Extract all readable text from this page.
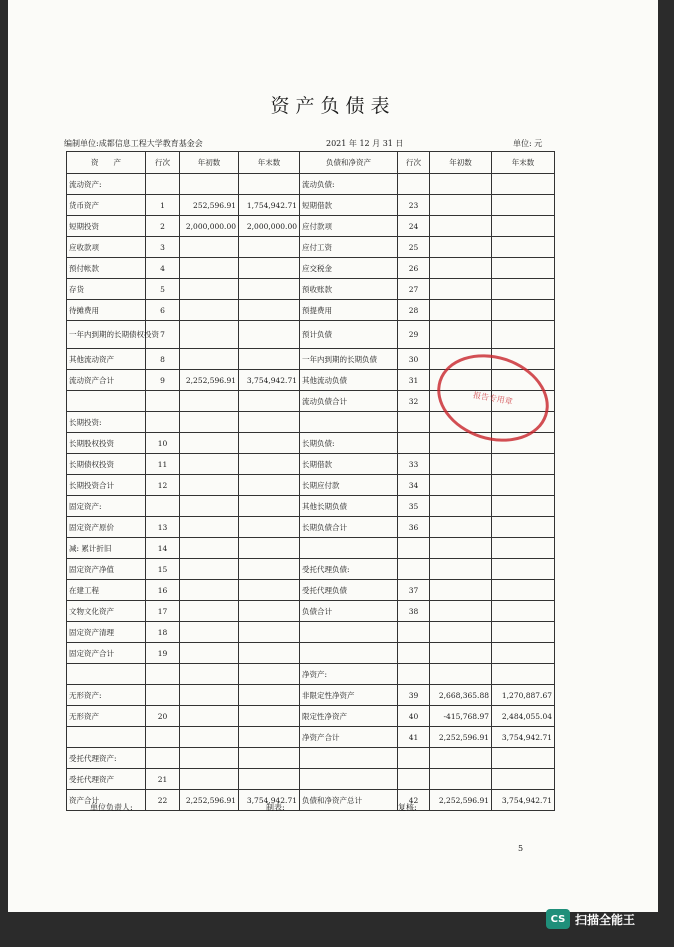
资产负债表
编制单位:成都信息工程大学教育基金会	2021 年 12 月 31 日	单位: 元
资　　产	行次	年初数	年末数	负债和净资产	行次	年初数	年末数
流动资产:				流动负债:			
货币资产	1	252,596.91	1,754,942.71	短期借款	23		
短期投资	2	2,000,000.00	2,000,000.00	应付款项	24		
应收款项	3			应付工资	25		
预付帐款	4			应交税金	26		
存货	5			预收账款	27		
待摊费用	6			预提费用	28		
一年内到期的长期债权投资	7			预计负债	29		
其他流动资产	8			一年内到期的长期负债	30		
流动资产合计	9	2,252,596.91	3,754,942.71	其他流动负债	31		
				流动负债合计	32		
长期投资:							
长期股权投资	10			长期负债:			
长期债权投资	11			长期借款	33		
长期投资合计	12			长期应付款	34		
固定资产:				其他长期负债	35		
固定资产原价	13			长期负债合计	36		
减: 累计折旧	14						
固定资产净值	15			受托代理负债:			
在建工程	16			受托代理负债	37		
文物文化资产	17			负债合计	38		
固定资产清理	18						
固定资产合计	19						
				净资产:			
无形资产:				非限定性净资产	39	2,668,365.88	1,270,887.67
无形资产	20			限定性净资产	40	-415,768.97	2,484,055.04
				净资产合计	41	2,252,596.91	3,754,942.71
受托代理资产:							
受托代理资产	21						
资产合计	22	2,252,596.91	3,754,942.71	负债和净资产总计	42	2,252,596.91	3,754,942.71
报告专用章
单位负责人:	制表:	复核:
5
CS 扫描全能王
